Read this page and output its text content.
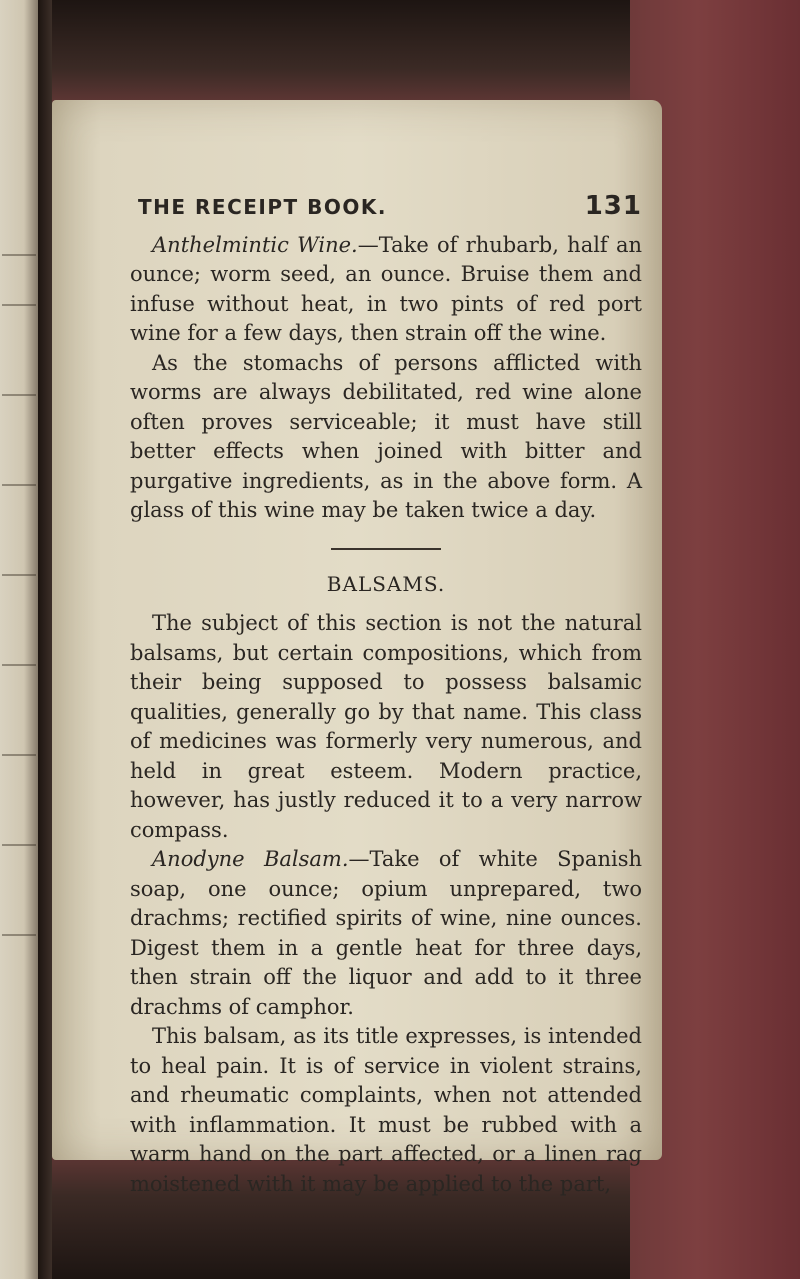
THE RECEIPT BOOK.	131

Anthelmintic Wine.—Take of rhubarb, half an ounce; worm seed, an ounce. Bruise them and infuse without heat, in two pints of red port wine for a few days, then strain off the wine.

As the stomachs of persons afflicted with worms are always debilitated, red wine alone often proves serviceable; it must have still better effects when joined with bitter and purgative ingredients, as in the above form. A glass of this wine may be taken twice a day.

BALSAMS.

The subject of this section is not the natural balsams, but certain compositions, which from their being supposed to possess balsamic qualities, generally go by that name. This class of medicines was formerly very numerous, and held in great esteem. Modern practice, however, has justly reduced it to a very narrow compass.

Anodyne Balsam.—Take of white Spanish soap, one ounce; opium unprepared, two drachms; rectified spirits of wine, nine ounces. Digest them in a gentle heat for three days, then strain off the liquor and add to it three drachms of camphor.

This balsam, as its title expresses, is intended to heal pain. It is of service in violent strains, and rheumatic complaints, when not attended with inflammation. It must be rubbed with a warm hand on the part affected, or a linen rag moistened with it may be applied to the part,
